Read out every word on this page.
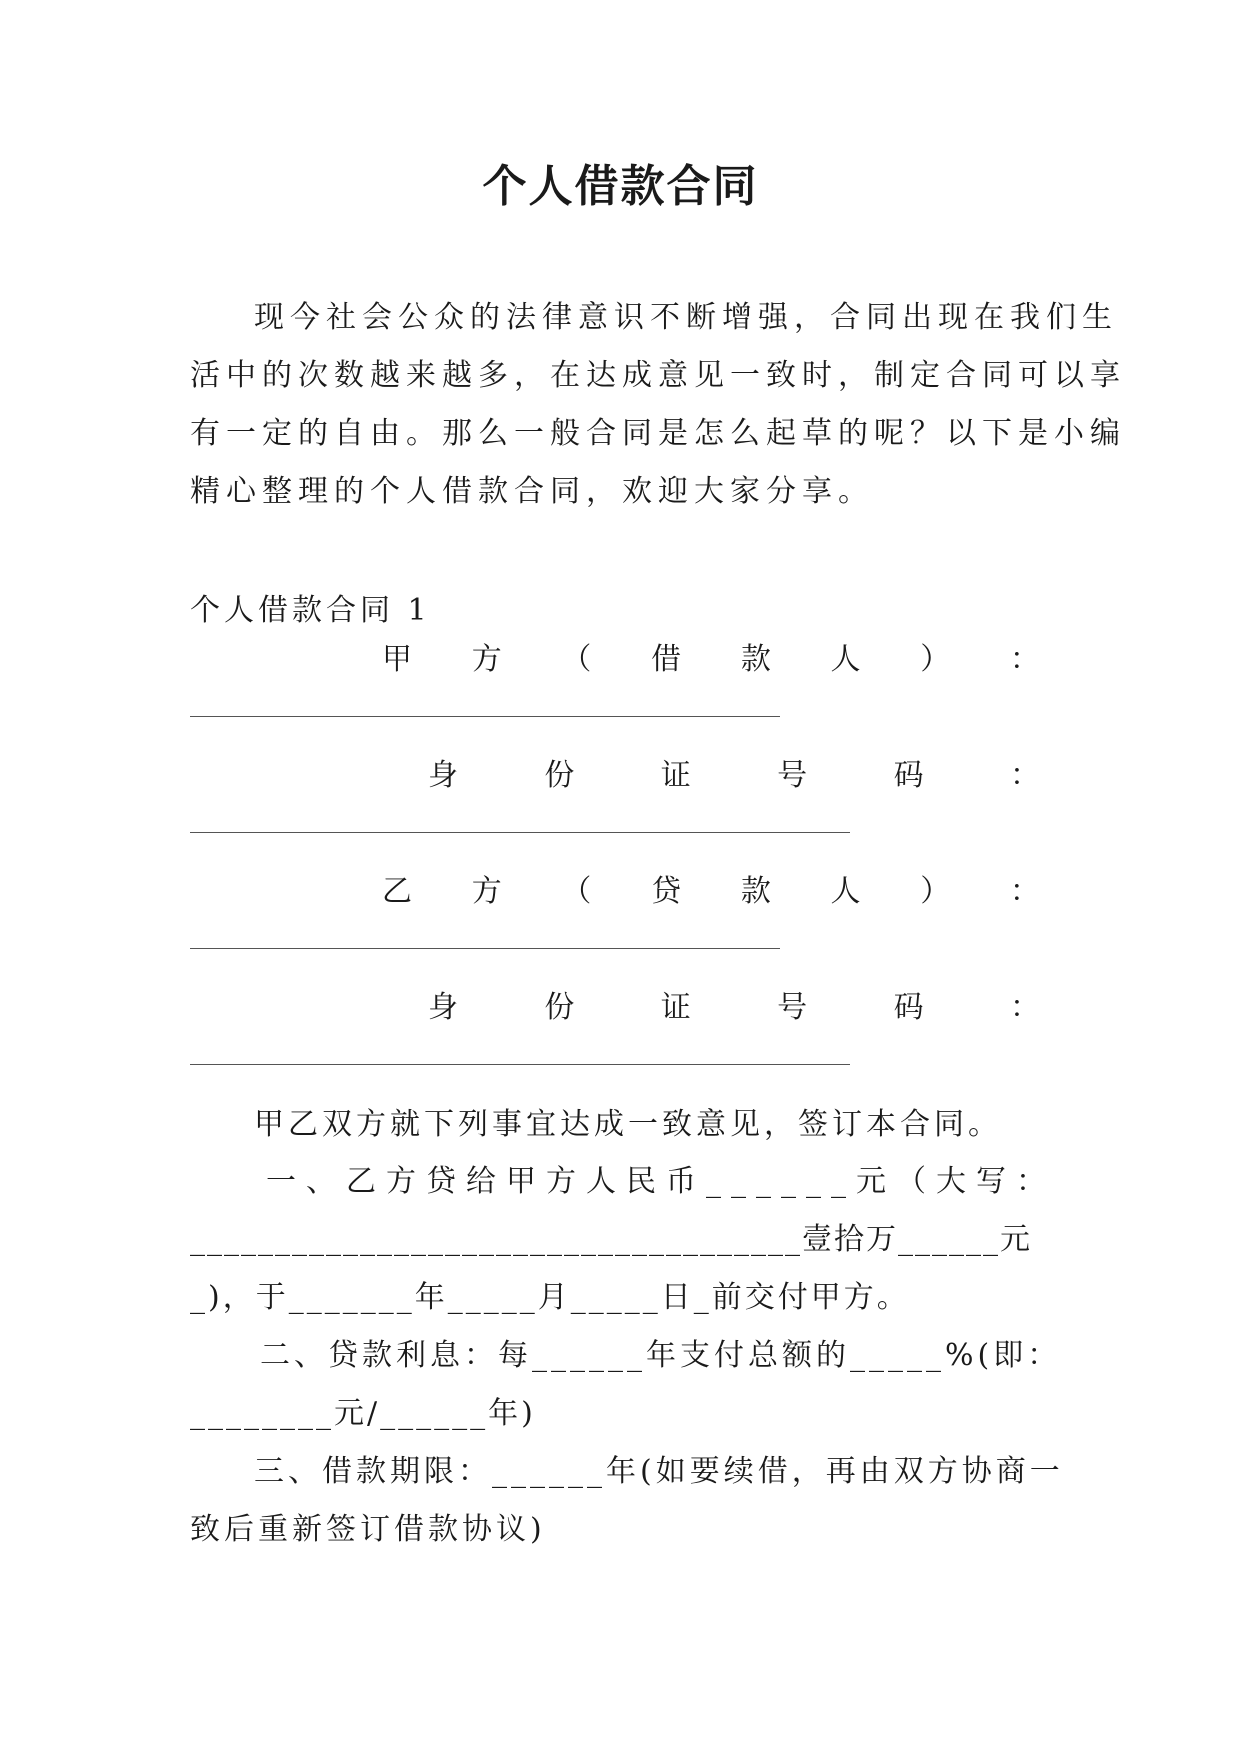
个人借款合同
现今社会公众的法律意识不断增强，合同出现在我们生
活中的次数越来越多，在达成意见一致时，制定合同可以享
有一定的自由。那么一般合同是怎么起草的呢？以下是小编
精心整理的个人借款合同，欢迎大家分享。
个人借款合同 1
甲 方 （ 借 款 人 ） ：
身	份	证	号	码	：
乙 方 （ 贷 款 人 ） ：
身	份	证	号	码	：
甲乙双方就下列事宜达成一致意见，签订本合同。
一、乙方贷给甲方人民币______元（大写：
____________________________________壹拾万______元
_)，于_______年_____月_____日_前交付甲方。
二、贷款利息：每______年支付总额的_____%(即：
________元/______年)
三、借款期限：______年(如要续借，再由双方协商一
致后重新签订借款协议)
